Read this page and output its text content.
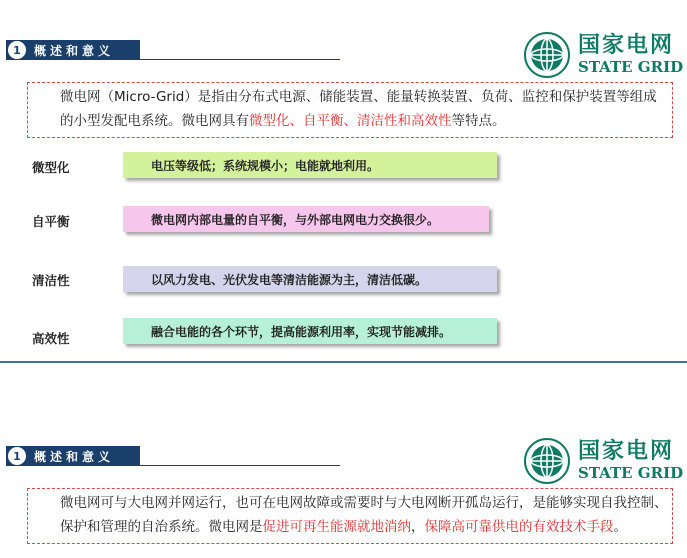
1	概述和意义	国家电网
STATE GRID
微电网（Micro-Grid）是指由分布式电源、储能装置、能量转换装置、负荷、监控和保护装置等组成的小型发配电系统。微电网具有微型化、自平衡、清洁性和高效性等特点。
微型化	电压等级低；系统规模小；电能就地利用。
自平衡	微电网内部电量的自平衡，与外部电网电力交换很少。
清洁性	以风力发电、光伏发电等清洁能源为主，清洁低碳。
高效性	融合电能的各个环节，提高能源利用率，实现节能减排。
1	概述和意义	国家电网
STATE GRID
微电网可与大电网并网运行，也可在电网故障或需要时与大电网断开孤岛运行，是能够实现自我控制、保护和管理的自治系统。微电网是促进可再生能源就地消纳，保障高可靠供电的有效技术手段。
